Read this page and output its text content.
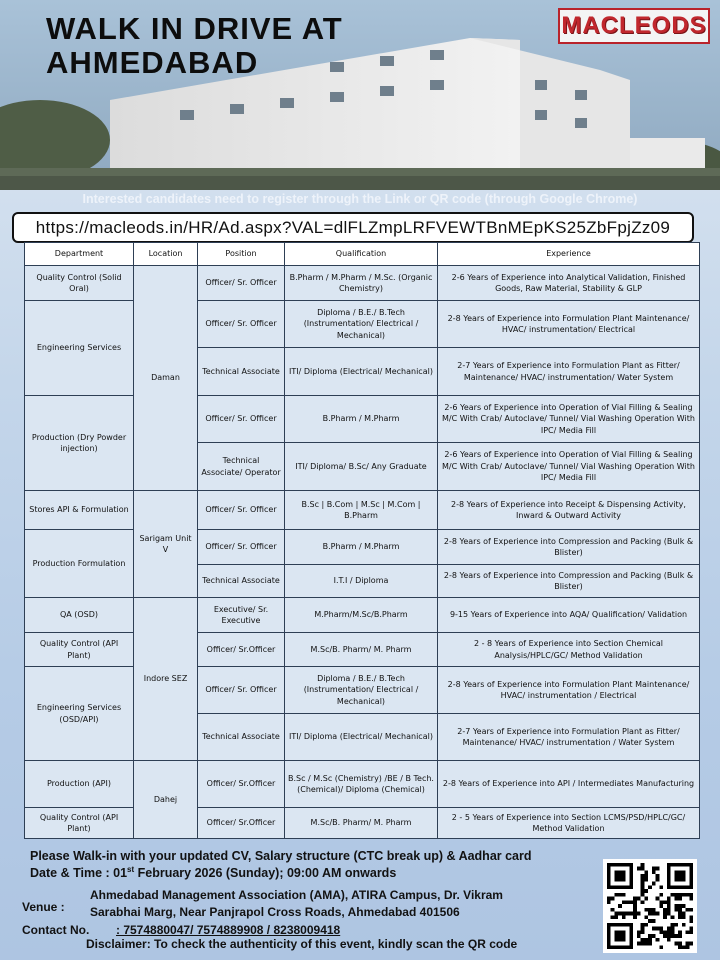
WALK IN DRIVE AT
AHMEDABAD
MACLEODS
Interested candidates need to register through the Link or QR code (through Google Chrome)
https://macleods.in/HR/Ad.aspx?VAL=dlFLZmpLRFVEWTBnMEpKS25ZbFpjZz09
Department	Location	Position	Qualification	Experience
Quality Control (Solid Oral)	Daman	Officer/ Sr. Officer	B.Pharm / M.Pharm / M.Sc. (Organic Chemistry)	2-6 Years of Experience into Analytical Validation, Finished Goods, Raw Material, Stability & GLP
Engineering Services		Officer/ Sr. Officer	Diploma / B.E./ B.Tech (Instrumentation/ Electrical / Mechanical)	2-8 Years of Experience into Formulation Plant Maintenance/ HVAC/ instrumentation/ Electrical
		Technical Associate	ITI/ Diploma (Electrical/ Mechanical)	2-7 Years of Experience into Formulation Plant as Fitter/ Maintenance/ HVAC/ instrumentation/ Water System
Production (Dry Powder injection)		Officer/ Sr. Officer	B.Pharm / M.Pharm	2-6 Years of Experience into Operation of Vial Filling & Sealing M/C With Crab/ Autoclave/ Tunnel/ Vial Washing Operation With IPC/ Media Fill
		Technical Associate/ Operator	ITI/ Diploma/ B.Sc/ Any Graduate	2-6 Years of Experience into Operation of Vial Filling & Sealing M/C With Crab/ Autoclave/ Tunnel/ Vial Washing Operation With IPC/ Media Fill
Stores API & Formulation	Sarigam Unit V	Officer/ Sr. Officer	B.Sc | B.Com | M.Sc | M.Com | B.Pharm	2-8 Years of Experience into Receipt & Dispensing Activity, Inward & Outward Activity
Production Formulation		Officer/ Sr. Officer	B.Pharm / M.Pharm	2-8 Years of Experience into Compression and Packing (Bulk & Blister)
		Technical Associate	I.T.I / Diploma	2-8 Years of Experience into Compression and Packing (Bulk & Blister)
QA (OSD)	Indore SEZ	Executive/ Sr. Executive	M.Pharm/M.Sc/B.Pharm	9-15 Years of Experience into AQA/ Qualification/ Validation
Quality Control (API Plant)		Officer/ Sr.Officer	M.Sc/B. Pharm/ M. Pharm	2 - 8 Years of Experience into Section Chemical Analysis/HPLC/GC/ Method Validation
Engineering Services (OSD/API)		Officer/ Sr. Officer	Diploma / B.E./ B.Tech (Instrumentation/ Electrical / Mechanical)	2-8 Years of Experience into Formulation Plant Maintenance/ HVAC/ instrumentation / Electrical
		Technical Associate	ITI/ Diploma (Electrical/ Mechanical)	2-7 Years of Experience into Formulation Plant as Fitter/ Maintenance/ HVAC/ instrumentation / Water System
Production (API)	Dahej	Officer/ Sr.Officer	B.Sc / M.Sc (Chemistry) /BE / B Tech. (Chemical)/ Diploma (Chemical)	2-8 Years of Experience into API / Intermediates Manufacturing
Quality Control (API Plant)		Officer/ Sr.Officer	M.Sc/B. Pharm/ M. Pharm	2 - 5 Years of Experience into Section LCMS/PSD/HPLC/GC/ Method Validation
Please Walk-in with your updated CV, Salary structure (CTC break up) & Aadhar card
Date & Time : 01st February 2026 (Sunday); 09:00 AM onwards
Venue :
Ahmedabad Management Association (AMA), ATIRA Campus, Dr. Vikram
Sarabhai Marg, Near Panjrapol Cross Roads, Ahmedabad 401506
Contact No. : 7574880047/ 7574889908 / 8238009418
Disclaimer: To check the authenticity of this event, kindly scan the QR code
